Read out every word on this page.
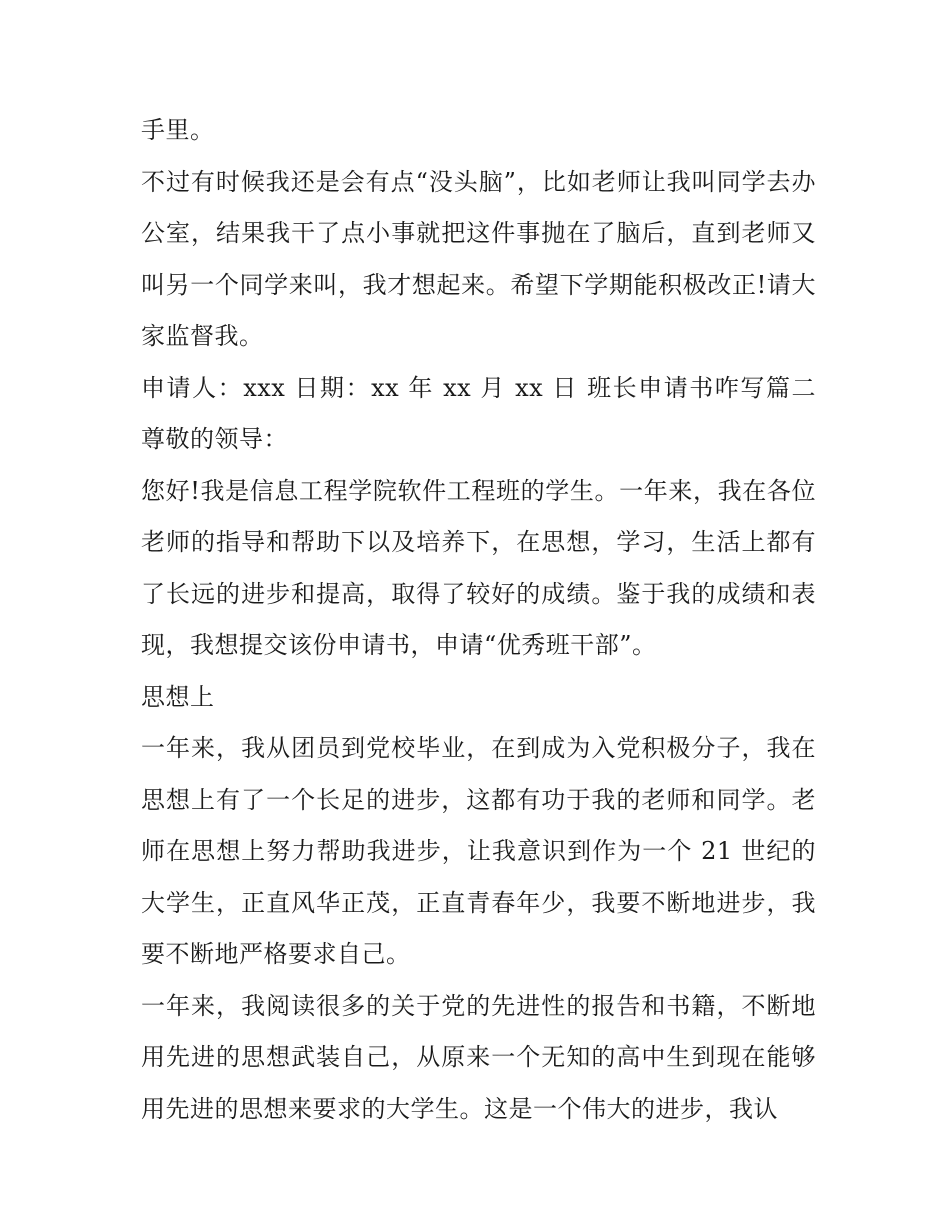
手里。

不过有时候我还是会有点“没头脑”，比如老师让我叫同学去办公室，结果我干了点小事就把这件事抛在了脑后，直到老师又叫另一个同学来叫，我才想起来。希望下学期能积极改正!请大家监督我。

申请人：xxx 日期：xx 年 xx 月 xx 日 班长申请书咋写篇二 尊敬的领导：

您好!我是信息工程学院软件工程班的学生。一年来，我在各位老师的指导和帮助下以及培养下，在思想，学习，生活上都有了长远的进步和提高，取得了较好的成绩。鉴于我的成绩和表现，我想提交该份申请书，申请“优秀班干部”。

思想上

一年来，我从团员到党校毕业，在到成为入党积极分子，我在思想上有了一个长足的进步，这都有功于我的老师和同学。老师在思想上努力帮助我进步，让我意识到作为一个 21 世纪的大学生，正直风华正茂，正直青春年少，我要不断地进步，我要不断地严格要求自己。

一年来，我阅读很多的关于党的先进性的报告和书籍，不断地用先进的思想武装自己，从原来一个无知的高中生到现在能够用先进的思想来要求的大学生。这是一个伟大的进步，我认
